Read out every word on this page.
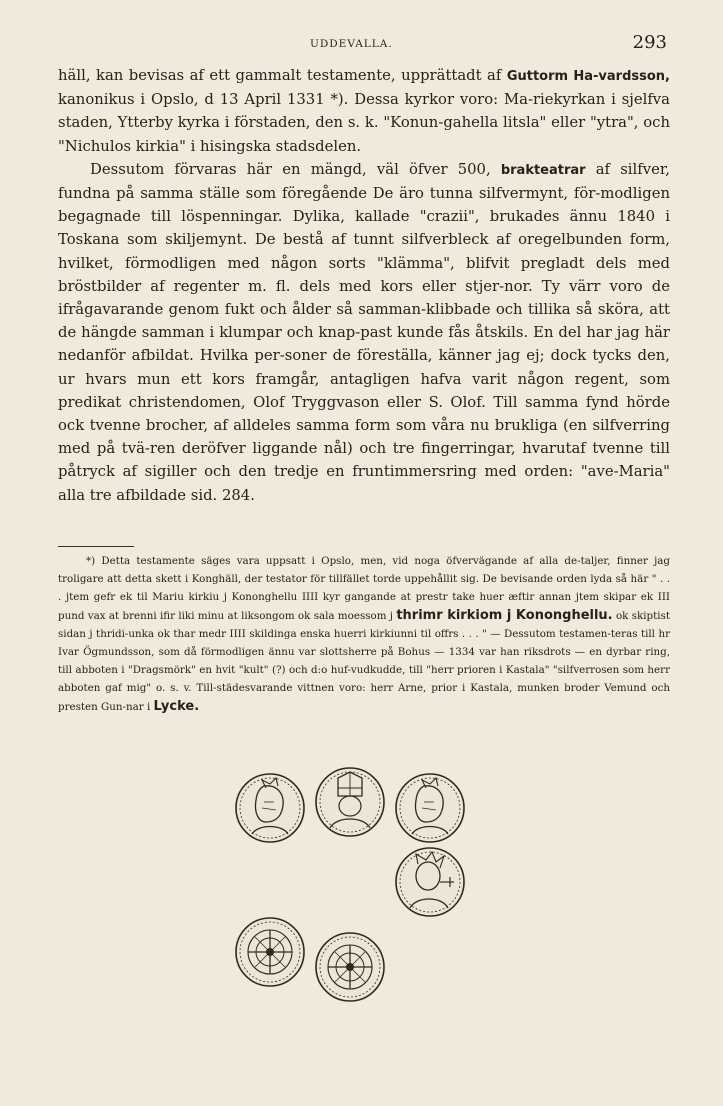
UDDEVALLA.	293

häll, kan bevisas af ett gammalt testamente, upprättadt af Guttorm Ha-vardsson, kanonikus i Opslo, d 13 April 1331 *). Dessa kyrkor voro: Ma-riekyrkan i sjelfva staden, Ytterby kyrka i förstaden, den s. k. "Konun-gahella litsla" eller "ytra", och "Nichulos kirkia" i hisingska stadsdelen.

Dessutom förvaras här en mängd, väl öfver 500, brakteatrar af silfver, fundna på samma ställe som föregående De äro tunna silfvermynt, för-modligen begagnade till löspenningar. Dylika, kallade "crazii", brukades ännu 1840 i Toskana som skiljemynt. De bestå af tunnt silfverbleck af oregelbunden form, hvilket, förmodligen med någon sorts "klämma", blifvit pregladt dels med bröstbilder af regenter m. fl. dels med kors eller stjer-nor. Ty värr voro de ifrågavarande genom fukt och ålder så samman-klibbade och tillika så sköra, att de hängde samman i klumpar och knap-past kunde fås åtskils. En del har jag här nedanför afbildat. Hvilka per-soner de föreställa, känner jag ej; dock tycks den, ur hvars mun ett kors framgår, antagligen hafva varit någon regent, som predikat christendomen, Olof Tryggvason eller S. Olof. Till samma fynd hörde ock tvenne brocher, af alldeles samma form som våra nu brukliga (en silfverring med på tvä-ren deröfver liggande nål) och tre fingerringar, hvarutaf tvenne till påtryck af sigiller och den tredje en fruntimmersring med orden: "ave-Maria" alla tre afbildade sid. 284.

*) Detta testamente säges vara uppsatt i Opslo, men, vid noga öfvervägande af alla de-taljer, finner jag troligare att detta skett i Konghäll, der testator för tillfället torde uppehållit sig. De bevisande orden lyda så här " . . . jtem gefr ek til Mariu kirkiu j Kononghellu IIII kyr gangande at prestr take huer æftir annan jtem skipar ek III pund vax at brenni ifir liki minu at liksongom ok sala moessom j thrimr kirkiom j Kononghellu. ok skiptist sidan j thridi-unka ok thar medr IIII skildinga enska huerri kirkiunni til offrs . . . " — Dessutom testamen-teras till hr Ivar Ögmundsson, som då förmodligen ännu var slottsherre på Bohus — 1334 var han riksdrots — en dyrbar ring, till abboten i "Dragsmörk" en hvit "kult" (?) och d:o huf-vudkudde, till "herr prioren i Kastala" "silfverrosen som herr abboten gaf mig" o. s. v. Till-städesvarande vittnen voro: herr Arne, prior i Kastala, munken broder Vemund och presten Gun-nar i Lycke.
